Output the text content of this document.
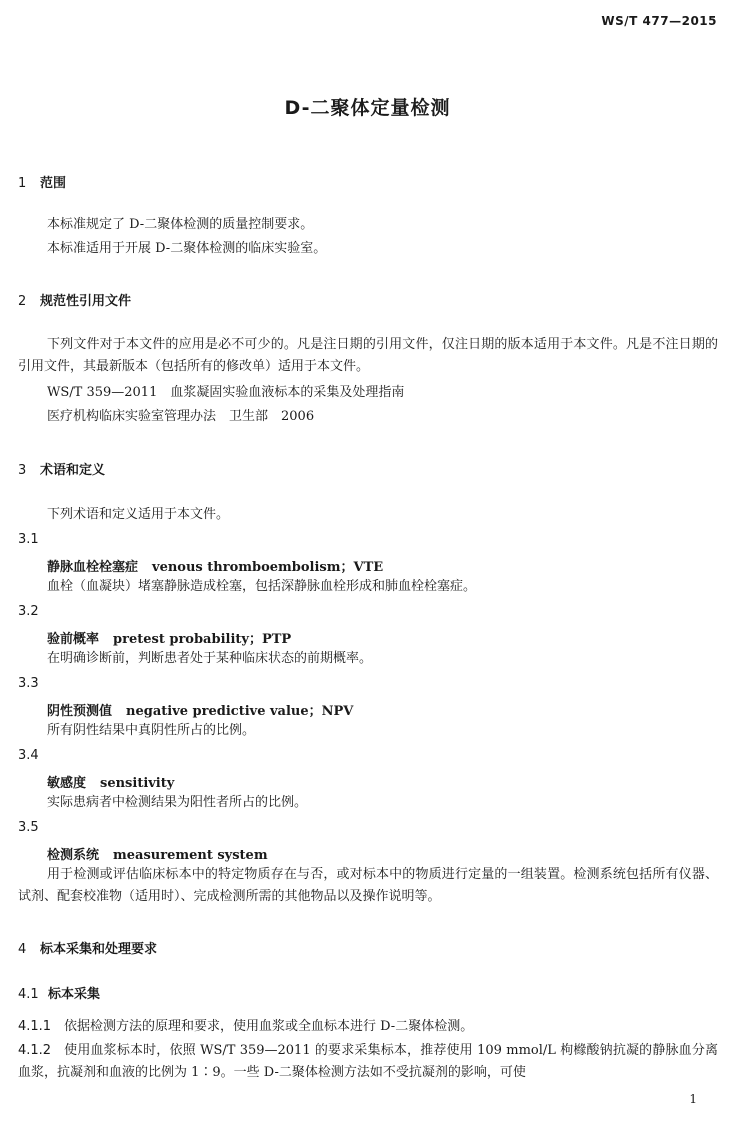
WS/T 477—2015
D-二聚体定量检测
1 范围
本标准规定了 D-二聚体检测的质量控制要求。
本标准适用于开展 D-二聚体检测的临床实验室。
2 规范性引用文件
下列文件对于本文件的应用是必不可少的。凡是注日期的引用文件，仅注日期的版本适用于本文件。凡是不注日期的引用文件，其最新版本（包括所有的修改单）适用于本文件。
WS/T 359—2011　血浆凝固实验血液标本的采集及处理指南
医疗机构临床实验室管理办法　卫生部　2006
3 术语和定义
下列术语和定义适用于本文件。
3.1
静脉血栓栓塞症 venous thromboembolism；VTE
血栓（血凝块）堵塞静脉造成栓塞，包括深静脉血栓形成和肺血栓栓塞症。
3.2
验前概率 pretest probability；PTP
在明确诊断前，判断患者处于某种临床状态的前期概率。
3.3
阴性预测值 negative predictive value；NPV
所有阴性结果中真阴性所占的比例。
3.4
敏感度 sensitivity
实际患病者中检测结果为阳性者所占的比例。
3.5
检测系统 measurement system
用于检测或评估临床标本中的特定物质存在与否，或对标本中的物质进行定量的一组装置。检测系统包括所有仪器、试剂、配套校准物（适用时）、完成检测所需的其他物品以及操作说明等。
4 标本采集和处理要求
4.1 标本采集
4.1.1 依据检测方法的原理和要求，使用血浆或全血标本进行 D-二聚体检测。
4.1.2 使用血浆标本时，依照 WS/T 359—2011 的要求采集标本，推荐使用 109 mmol/L 枸橼酸钠抗凝的静脉血分离血浆，抗凝剂和血液的比例为 1∶9。一些 D-二聚体检测方法如不受抗凝剂的影响，可使
1
